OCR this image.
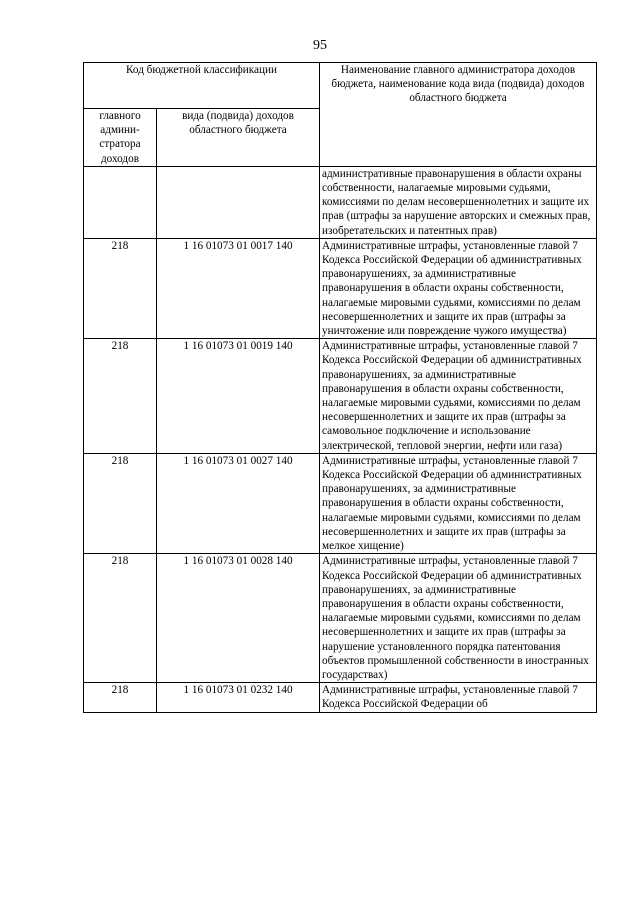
95
Код бюджетной классификации		Наименование главного администратора доходов бюджета, наименование кода вида (подвида) доходов областного бюджета
главного админи-стратора доходов	вида (подвида) доходов областного бюджета	
		административные правонарушения в области охраны собственности, налагаемые мировыми судьями, комиссиями по делам несовершеннолетних и защите их прав (штрафы за нарушение авторских и смежных прав, изобретательских и патентных прав)
218	1 16 01073 01 0017 140	Административные штрафы, установленные главой 7 Кодекса Российской Федерации об административных правонарушениях, за административные правонарушения в области охраны собственности, налагаемые мировыми судьями, комиссиями по делам несовершеннолетних и защите их прав (штрафы за уничтожение или повреждение чужого имущества)
218	1 16 01073 01 0019 140	Административные штрафы, установленные главой 7 Кодекса Российской Федерации об административных правонарушениях, за административные правонарушения в области охраны собственности, налагаемые мировыми судьями, комиссиями по делам несовершеннолетних и защите их прав (штрафы за самовольное подключение и использование электрической, тепловой энергии, нефти или газа)
218	1 16 01073 01 0027 140	Административные штрафы, установленные главой 7 Кодекса Российской Федерации об административных правонарушениях, за административные правонарушения в области охраны собственности, налагаемые мировыми судьями, комиссиями по делам несовершеннолетних и защите их прав (штрафы за мелкое хищение)
218	1 16 01073 01 0028 140	Административные штрафы, установленные главой 7 Кодекса Российской Федерации об административных правонарушениях, за административные правонарушения в области охраны собственности, налагаемые мировыми судьями, комиссиями по делам несовершеннолетних и защите их прав (штрафы за нарушение установленного порядка патентования объектов промышленной собственности в иностранных государствах)
218	1 16 01073 01 0232 140	Административные штрафы, установленные главой 7 Кодекса Российской Федерации об
